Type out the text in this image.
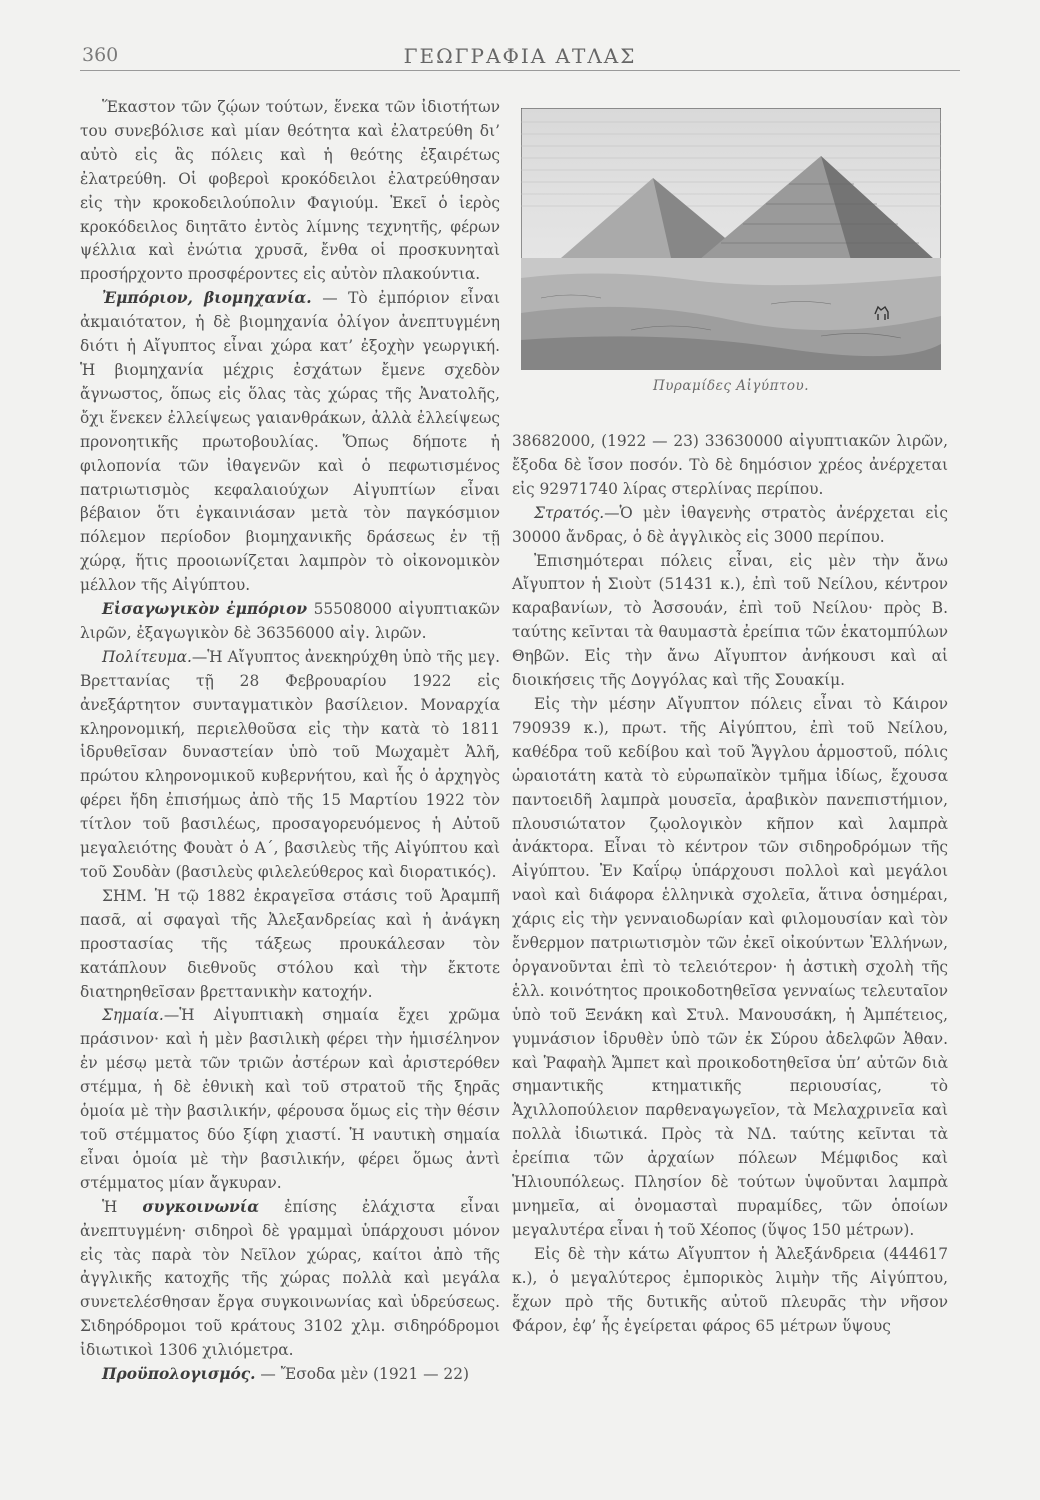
360	ΓΕΩΓΡΑΦΙΑ ΑΤΛΑΣ

Ἕκαστον τῶν ζῴων τούτων, ἕνεκα τῶν ἰδιοτήτων του συνεβόλισε καὶ μίαν θεότητα καὶ ἐλατρεύθη δι’ αὐτὸ εἰς ἃς πόλεις καὶ ἡ θεότης ἐξαιρέτως ἐλατρεύθη. Οἱ φοβεροὶ κροκόδειλοι ἐλατρεύθησαν εἰς τὴν κροκοδειλούπολιν Φαγιούμ. Ἐκεῖ ὁ ἱερὸς κροκόδειλος διητᾶτο ἐντὸς λίμνης τεχνητῆς, φέρων ψέλλια καὶ ἐνώτια χρυσᾶ, ἔνθα οἱ προσκυνηταὶ προσήρχοντο προσφέροντες εἰς αὐτὸν πλακούντια.

Ἐμπόριον, βιομηχανία. — Τὸ ἐμπόριον εἶναι ἀκμαιότατον, ἡ δὲ βιομηχανία ὀλίγον ἀνεπτυγμένη διότι ἡ Αἴγυπτος εἶναι χώρα κατ’ ἐξοχὴν γεωργική. Ἡ βιομηχανία μέχρις ἐσχάτων ἔμενε σχεδὸν ἄγνωστος, ὅπως εἰς ὅλας τὰς χώρας τῆς Ἀνατολῆς, ὄχι ἕνεκεν ἐλλείψεως γαιανθράκων, ἀλλὰ ἐλλείψεως προνοητικῆς πρωτοβουλίας. Ὅπως δήποτε ἡ φιλοπονία τῶν ἰθαγενῶν καὶ ὁ πεφωτισμένος πατριωτισμὸς κεφαλαιούχων Αἰγυπτίων εἶναι βέβαιον ὅτι ἐγκαινιάσαν μετὰ τὸν παγκόσμιον πόλεμον περίοδον βιομηχανικῆς δράσεως ἐν τῇ χώρᾳ, ἥτις προοιωνίζεται λαμπρὸν τὸ οἰκονομικὸν μέλλον τῆς Αἰγύπτου.

Εἰσαγωγικὸν ἐμπόριον 55508000 αἰγυπτιακῶν λιρῶν, ἐξαγωγικὸν δὲ 36356000 αἰγ. λιρῶν.

Πολίτευμα.—Ἡ Αἴγυπτος ἀνεκηρύχθη ὑπὸ τῆς μεγ. Βρεττανίας τῇ 28 Φεβρουαρίου 1922 εἰς ἀνεξάρτητον συνταγματικὸν βασίλειον. Μοναρχία κληρονομική, περιελθοῦσα εἰς τὴν κατὰ τὸ 1811 ἱδρυθεῖσαν δυναστείαν ὑπὸ τοῦ Μωχαμὲτ Ἀλῆ, πρώτου κληρονομικοῦ κυβερνήτου, καὶ ἧς ὁ ἀρχηγὸς φέρει ἤδη ἐπισήμως ἀπὸ τῆς 15 Μαρτίου 1922 τὸν τίτλον τοῦ βασιλέως, προσαγορευόμενος ἡ Αὐτοῦ μεγαλειότης Φουὰτ ὁ Α΄, βασιλεὺς τῆς Αἰγύπτου καὶ τοῦ Σουδὰν (βασιλεὺς φιλελεύθερος καὶ διορατικός).

ΣΗΜ. Ἡ τῷ 1882 ἐκραγεῖσα στάσις τοῦ Ἀραμπῆ πασᾶ, αἱ σφαγαὶ τῆς Ἀλεξανδρείας καὶ ἡ ἀνάγκη προστασίας τῆς τάξεως προυκάλεσαν τὸν κατάπλουν διεθνοῦς στόλου καὶ τὴν ἔκτοτε διατηρηθεῖσαν βρεττανικὴν κατοχήν.

Σημαία.—Ἡ Αἰγυπτιακὴ σημαία ἔχει χρῶμα πράσινον· καὶ ἡ μὲν βασιλικὴ φέρει τὴν ἡμισέληνον ἐν μέσῳ μετὰ τῶν τριῶν ἀστέρων καὶ ἀριστερόθεν στέμμα, ἡ δὲ ἐθνικὴ καὶ τοῦ στρατοῦ τῆς ξηρᾶς ὁμοία μὲ τὴν βασιλικήν, φέρουσα ὅμως εἰς τὴν θέσιν τοῦ στέμματος δύο ξίφη χιαστί. Ἡ ναυτικὴ σημαία εἶναι ὁμοία μὲ τὴν βασιλικήν, φέρει ὅμως ἀντὶ στέμματος μίαν ἄγκυραν.

Ἡ συγκοινωνία ἐπίσης ἐλάχιστα εἶναι ἀνεπτυγμένη· σιδηροὶ δὲ γραμμαὶ ὑπάρχουσι μόνον εἰς τὰς παρὰ τὸν Νεῖλον χώρας, καίτοι ἀπὸ τῆς ἀγγλικῆς κατοχῆς τῆς χώρας πολλὰ καὶ μεγάλα συνετελέσθησαν ἔργα συγκοινωνίας καὶ ὑδρεύσεως. Σιδηρόδρομοι τοῦ κράτους 3102 χλμ. σιδηρόδρομοι ἰδιωτικοὶ 1306 χιλιόμετρα.

Προϋπολογισμός. — Ἔσοδα μὲν (1921 — 22)

Πυραμίδες Αἰγύπτου.

38682000, (1922 — 23) 33630000 αἰγυπτιακῶν λιρῶν, ἔξοδα δὲ ἴσον ποσόν. Τὸ δὲ δημόσιον χρέος ἀνέρχεται εἰς 92971740 λίρας στερλίνας περίπου.

Στρατός.—Ὁ μὲν ἰθαγενὴς στρατὸς ἀνέρχεται εἰς 30000 ἄνδρας, ὁ δὲ ἀγγλικὸς εἰς 3000 περίπου.

Ἐπισημότεραι πόλεις εἶναι, εἰς μὲν τὴν ἄνω Αἴγυπτον ἡ Σιοὺτ (51431 κ.), ἐπὶ τοῦ Νείλου, κέντρον καραβανίων, τὸ Ἀσσουάν, ἐπὶ τοῦ Νείλου· πρὸς Β. ταύτης κεῖνται τὰ θαυμαστὰ ἐρείπια τῶν ἑκατομπύλων Θηβῶν. Εἰς τὴν ἄνω Αἴγυπτον ἀνήκουσι καὶ αἱ διοικήσεις τῆς Δογγόλας καὶ τῆς Σουακίμ.

Εἰς τὴν μέσην Αἴγυπτον πόλεις εἶναι τὸ Κάιρον 790939 κ.), πρωτ. τῆς Αἰγύπτου, ἐπὶ τοῦ Νείλου, καθέδρα τοῦ κεδίβου καὶ τοῦ Ἄγγλου ἁρμοστοῦ, πόλις ὡραιοτάτη κατὰ τὸ εὐρωπαϊκὸν τμῆμα ἰδίως, ἔχουσα παντοειδῆ λαμπρὰ μουσεῖα, ἀραβικὸν πανεπιστήμιον, πλουσιώτατον ζῳολογικὸν κῆπον καὶ λαμπρὰ ἀνάκτορα. Εἶναι τὸ κέντρον τῶν σιδηροδρόμων τῆς Αἰγύπτου. Ἐν Καΐρῳ ὑπάρχουσι πολλοὶ καὶ μεγάλοι ναοὶ καὶ διάφορα ἑλληνικὰ σχολεῖα, ἅτινα ὁσημέραι, χάρις εἰς τὴν γενναιοδωρίαν καὶ φιλομουσίαν καὶ τὸν ἔνθερμον πατριωτισμὸν τῶν ἐκεῖ οἰκούντων Ἑλλήνων, ὀργανοῦνται ἐπὶ τὸ τελειότερον· ἡ ἀστικὴ σχολὴ τῆς ἑλλ. κοινότητος προικοδοτηθεῖσα γενναίως τελευταῖον ὑπὸ τοῦ Ξενάκη καὶ Στυλ. Μανουσάκη, ἡ Ἀμπέτειος, γυμνάσιον ἱδρυθὲν ὑπὸ τῶν ἐκ Σύρου ἀδελφῶν Ἀθαν. καὶ Ῥαφαὴλ Ἄμπετ καὶ προικοδοτηθεῖσα ὑπ’ αὐτῶν διὰ σημαντικῆς κτηματικῆς περιουσίας, τὸ Ἀχιλλοπούλειον παρθεναγωγεῖον, τὰ Μελαχρινεῖα καὶ πολλὰ ἰδιωτικά. Πρὸς τὰ ΝΔ. ταύτης κεῖνται τὰ ἐρείπια τῶν ἀρχαίων πόλεων Μέμφιδος καὶ Ἡλιουπόλεως. Πλησίον δὲ τούτων ὑψοῦνται λαμπρὰ μνημεῖα, αἱ ὀνομασταὶ πυραμίδες, τῶν ὁποίων μεγαλυτέρα εἶναι ἡ τοῦ Χέοπος (ὕψος 150 μέτρων).

Εἰς δὲ τὴν κάτω Αἴγυπτον ἡ Ἀλεξάνδρεια (444617 κ.), ὁ μεγαλύτερος ἐμπορικὸς λιμὴν τῆς Αἰγύπτου, ἔχων πρὸ τῆς δυτικῆς αὐτοῦ πλευρᾶς τὴν νῆσον Φάρον, ἐφ’ ἧς ἐγείρεται φάρος 65 μέτρων ὕψους
